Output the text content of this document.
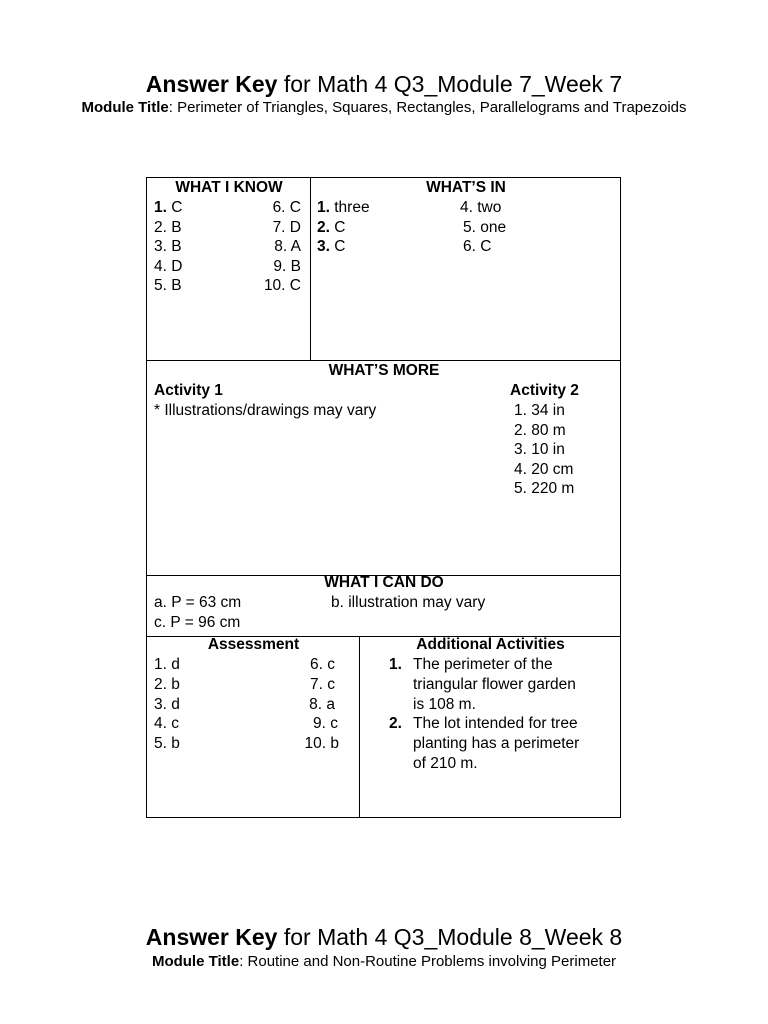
Answer Key for Math 4 Q3_Module 7_Week 7
Module Title: Perimeter of Triangles, Squares, Rectangles, Parallelograms and Trapezoids
WHAT I KNOW
1. C
2. B
3. B
4. D
5. B
6. C
7. D
8. A
9. B
10. C
WHAT’S IN
1. three
2. C
3. C
4. two
5. one
6. C
WHAT’S MORE
Activity 1
* Illustrations/drawings may vary
Activity 2
1. 34 in
2. 80 m
3. 10 in
4. 20 cm
5. 220 m
WHAT I CAN DO
a. P = 63 cm	b. illustration may vary
c. P = 96 cm
Assessment
1. d
2. b
3. d
4. c
5. b
6. c
7. c
8. a
9. c
10. b
Additional Activities
1. The perimeter of the
triangular flower garden
is 108 m.
2. The lot intended for tree
planting has a perimeter
of 210 m.
Answer Key for Math 4 Q3_Module 8_Week 8
Module Title: Routine and Non-Routine Problems involving Perimeter
